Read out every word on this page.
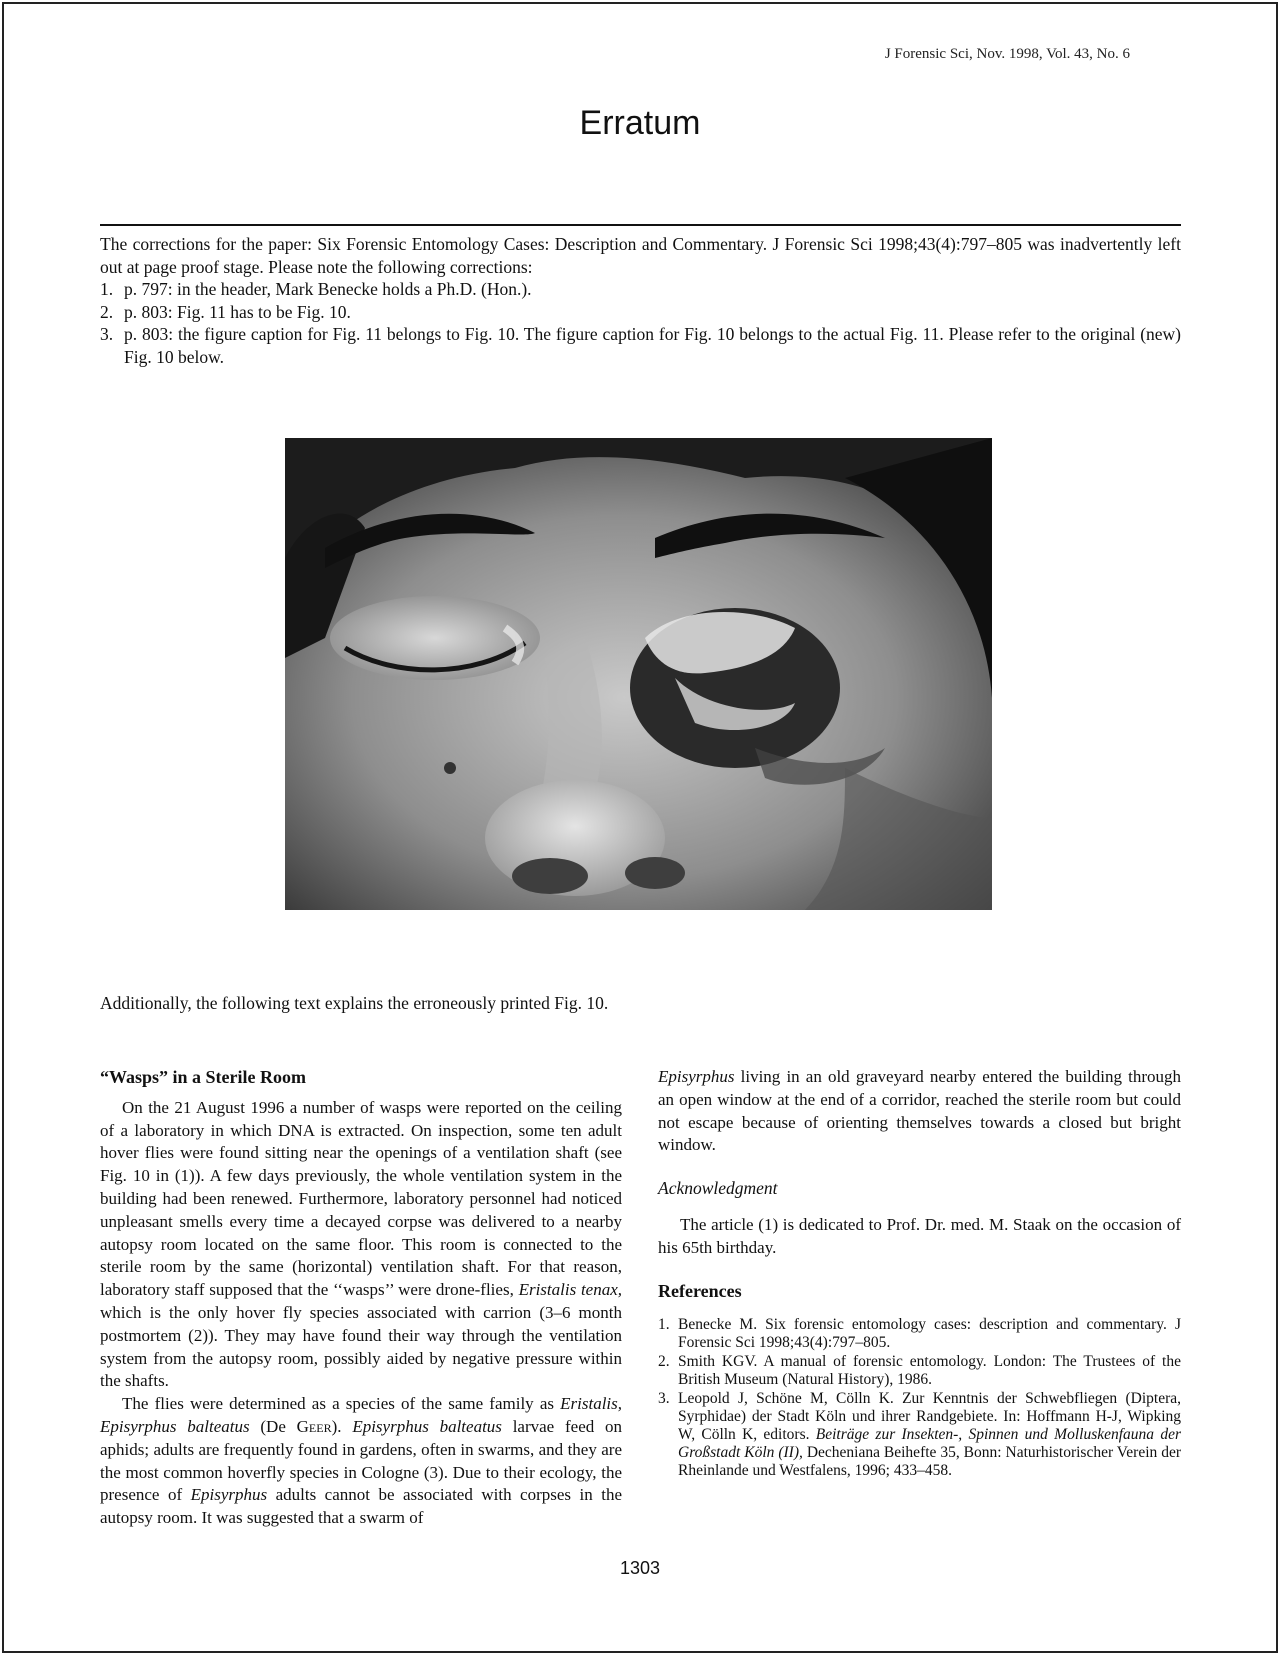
J Forensic Sci, Nov. 1998, Vol. 43, No. 6
Erratum

The corrections for the paper: Six Forensic Entomology Cases: Description and Commentary. J Forensic Sci 1998;43(4):797–805 was inadvertently left out at page proof stage. Please note the following corrections:

1. p. 797: in the header, Mark Benecke holds a Ph.D. (Hon.).
2. p. 803: Fig. 11 has to be Fig. 10.
3. p. 803: the figure caption for Fig. 11 belongs to Fig. 10. The figure caption for Fig. 10 belongs to the actual Fig. 11. Please refer to the original (new) Fig. 10 below.
Additionally, the following text explains the erroneously printed Fig. 10.
“Wasps” in a Sterile Room

On the 21 August 1996 a number of wasps were reported on the ceiling of a laboratory in which DNA is extracted. On inspection, some ten adult hover flies were found sitting near the openings of a ventilation shaft (see Fig. 10 in (1)). A few days previously, the whole ventilation system in the building had been renewed. Furthermore, laboratory personnel had noticed unpleasant smells every time a decayed corpse was delivered to a nearby autopsy room located on the same floor. This room is connected to the sterile room by the same (horizontal) ventilation shaft. For that reason, laboratory staff supposed that the ‘‘wasps’’ were drone-flies, Eristalis tenax, which is the only hover fly species associated with carrion (3–6 month postmortem (2)). They may have found their way through the ventilation system from the autopsy room, possibly aided by negative pressure within the shafts.

The flies were determined as a species of the same family as Eristalis, Episyrphus balteatus (De Geer). Episyrphus balteatus larvae feed on aphids; adults are frequently found in gardens, often in swarms, and they are the most common hoverfly species in Cologne (3). Due to their ecology, the presence of Episyrphus adults cannot be associated with corpses in the autopsy room. It was suggested that a swarm of

Episyrphus living in an old graveyard nearby entered the building through an open window at the end of a corridor, reached the sterile room but could not escape because of orienting themselves towards a closed but bright window.

Acknowledgment

The article (1) is dedicated to Prof. Dr. med. M. Staak on the occasion of his 65th birthday.

References
1. Benecke M. Six forensic entomology cases: description and commentary. J Forensic Sci 1998;43(4):797–805.
2. Smith KGV. A manual of forensic entomology. London: The Trustees of the British Museum (Natural History), 1986.
3. Leopold J, Schöne M, Cölln K. Zur Kenntnis der Schwebfliegen (Diptera, Syrphidae) der Stadt Köln und ihrer Randgebiete. In: Hoffmann H-J, Wipking W, Cölln K, editors. Beiträge zur Insekten-, Spinnen und Molluskenfauna der Großstadt Köln (II), Decheniana Beihefte 35, Bonn: Naturhistorischer Verein der Rheinlande und Westfalens, 1996; 433–458.
1303
